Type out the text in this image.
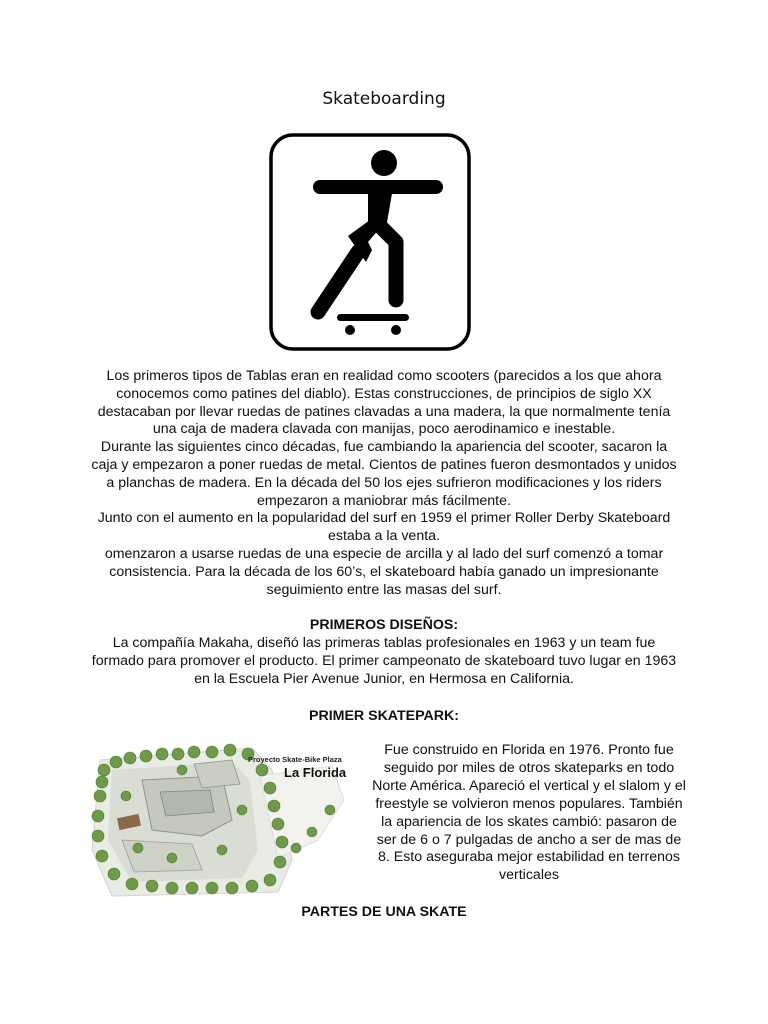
Skateboarding
Los primeros tipos de Tablas eran en realidad como scooters (parecidos a los que ahora
conocemos como patines del diablo). Estas construcciones, de principios de siglo XX
destacaban por llevar ruedas de patines clavadas a una madera, la que normalmente tenía
una caja de madera clavada con manijas, poco aerodinamico e inestable.
Durante las siguientes cinco décadas, fue cambiando la apariencia del scooter, sacaron la
caja y empezaron a poner ruedas de metal. Cientos de patines fueron desmontados y unidos
a planchas de madera. En la década del 50 los ejes sufrieron modificaciones y los riders
empezaron a maniobrar más fácilmente.
Junto con el aumento en la popularidad del surf en 1959 el primer Roller Derby Skateboard
estaba a la venta.
omenzaron a usarse ruedas de una especie de arcilla y al lado del surf comenzó a tomar
consistencia. Para la década de los 60’s, el skateboard había ganado un impresionante
seguimiento entre las masas del surf.
PRIMEROS DISEÑOS:
La compañía Makaha, diseñó las primeras tablas profesionales en 1963 y un team fue
formado para promover el producto. El primer campeonato de skateboard tuvo lugar en 1963
en la Escuela Pier Avenue Junior, en Hermosa en California.
PRIMER SKATEPARK:
Proyecto Skate-Bike Plaza
La Florida
Fue construido en Florida en 1976. Pronto fue
seguido por miles de otros skateparks en todo
Norte América. Apareció el vertical y el slalom y el
freestyle se volvieron menos populares. También
la apariencia de los skates cambió: pasaron de
ser de 6 o 7 pulgadas de ancho a ser de mas de
8. Esto aseguraba mejor estabilidad en terrenos
verticales
PARTES DE UNA SKATE
